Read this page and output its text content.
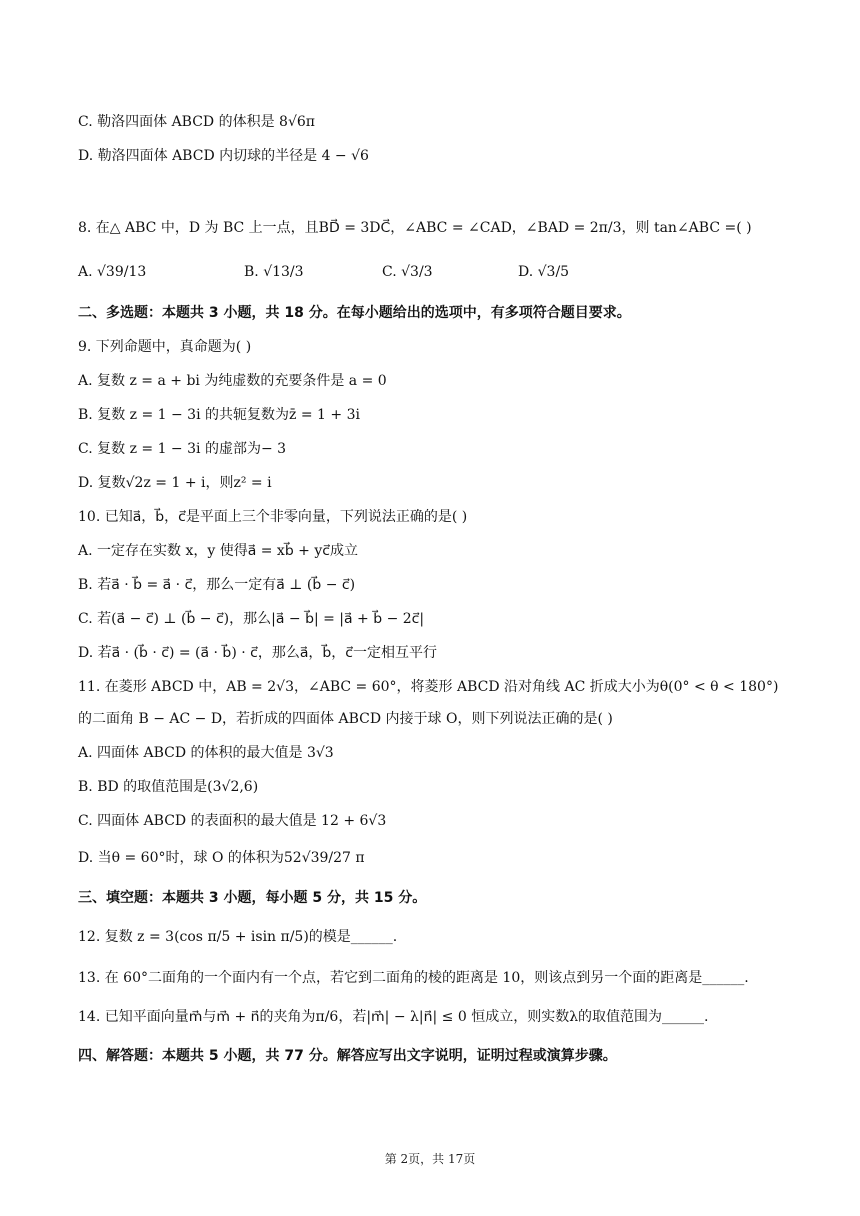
C. 勒洛四面体 ABCD 的体积是 8√6π
D. 勒洛四面体 ABCD 内切球的半径是 4 − √6
8. 在△ ABC 中，D 为 BC 上一点，且BD⃗ = 3DC⃗，∠ABC = ∠CAD，∠BAD = 2π/3，则 tan∠ABC =( )
A. √39/13	B. √13/3	C. √3/3	D. √3/5
二、多选题：本题共 3 小题，共 18 分。在每小题给出的选项中，有多项符合题目要求。
9. 下列命题中，真命题为( )
A. 复数 z = a + bi 为纯虚数的充要条件是 a = 0
B. 复数 z = 1 − 3i 的共轭复数为z̄ = 1 + 3i
C. 复数 z = 1 − 3i 的虚部为− 3
D. 复数√2z = 1 + i，则z² = i
10. 已知a⃗，b⃗，c⃗是平面上三个非零向量，下列说法正确的是( )
A. 一定存在实数 x，y 使得a⃗ = xb⃗ + yc⃗成立
B. 若a⃗ · b⃗ = a⃗ · c⃗，那么一定有a⃗ ⊥ (b⃗ − c⃗)
C. 若(a⃗ − c⃗) ⊥ (b⃗ − c⃗)，那么|a⃗ − b⃗| = |a⃗ + b⃗ − 2c⃗|
D. 若a⃗ · (b⃗ · c⃗) = (a⃗ · b⃗) · c⃗，那么a⃗，b⃗，c⃗一定相互平行
11. 在菱形 ABCD 中，AB = 2√3，∠ABC = 60°，将菱形 ABCD 沿对角线 AC 折成大小为θ(0° < θ < 180°)
的二面角 B − AC − D，若折成的四面体 ABCD 内接于球 O，则下列说法正确的是( )
A. 四面体 ABCD 的体积的最大值是 3√3
B. BD 的取值范围是(3√2,6)
C. 四面体 ABCD 的表面积的最大值是 12 + 6√3
D. 当θ = 60°时，球 O 的体积为52√39/27 π
三、填空题：本题共 3 小题，每小题 5 分，共 15 分。
12. 复数 z = 3(cos π/5 + isin π/5)的模是______.
13. 在 60°二面角的一个面内有一个点，若它到二面角的棱的距离是 10，则该点到另一个面的距离是______.
14. 已知平面向量m⃗与m⃗ + n⃗的夹角为π/6，若|m⃗| − λ|n⃗| ≤ 0 恒成立，则实数λ的取值范围为______.
四、解答题：本题共 5 小题，共 77 分。解答应写出文字说明，证明过程或演算步骤。
第 2页，共 17页
